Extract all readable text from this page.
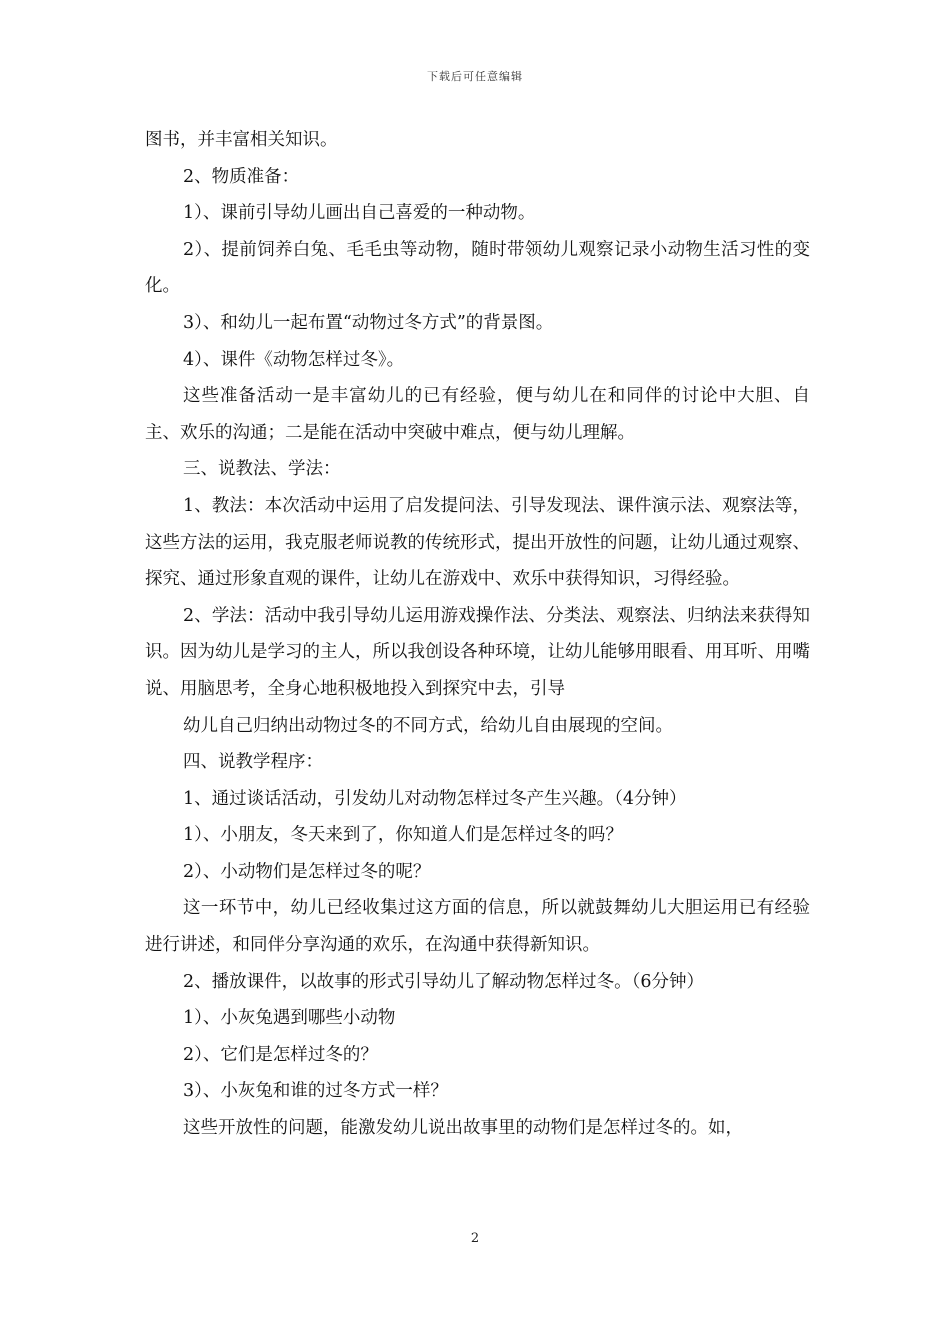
下载后可任意编辑

图书，并丰富相关知识。

2、物质准备：

1）、课前引导幼儿画出自己喜爱的一种动物。

2）、提前饲养白兔、毛毛虫等动物，随时带领幼儿观察记录小动物生活习性的变化。

3）、和幼儿一起布置“动物过冬方式”的背景图。

4）、课件《动物怎样过冬》。

这些准备活动一是丰富幼儿的已有经验，便与幼儿在和同伴的讨论中大胆、自主、欢乐的沟通；二是能在活动中突破中难点，便与幼儿理解。

三、说教法、学法：

1、教法：本次活动中运用了启发提问法、引导发现法、课件演示法、观察法等，这些方法的运用，我克服老师说教的传统形式，提出开放性的问题，让幼儿通过观察、探究、通过形象直观的课件，让幼儿在游戏中、欢乐中获得知识，习得经验。

2、学法：活动中我引导幼儿运用游戏操作法、分类法、观察法、归纳法来获得知识。因为幼儿是学习的主人，所以我创设各种环境，让幼儿能够用眼看、用耳听、用嘴说、用脑思考，全身心地积极地投入到探究中去，引导

幼儿自己归纳出动物过冬的不同方式，给幼儿自由展现的空间。

四、说教学程序：

1、通过谈话活动，引发幼儿对动物怎样过冬产生兴趣。（4分钟）

1）、小朋友，冬天来到了，你知道人们是怎样过冬的吗？

2）、小动物们是怎样过冬的呢？

这一环节中，幼儿已经收集过这方面的信息，所以就鼓舞幼儿大胆运用已有经验进行讲述，和同伴分享沟通的欢乐，在沟通中获得新知识。

2、播放课件，以故事的形式引导幼儿了解动物怎样过冬。（6分钟）

1）、小灰兔遇到哪些小动物

2）、它们是怎样过冬的？

3）、小灰兔和谁的过冬方式一样？

这些开放性的问题，能激发幼儿说出故事里的动物们是怎样过冬的。如，

2
